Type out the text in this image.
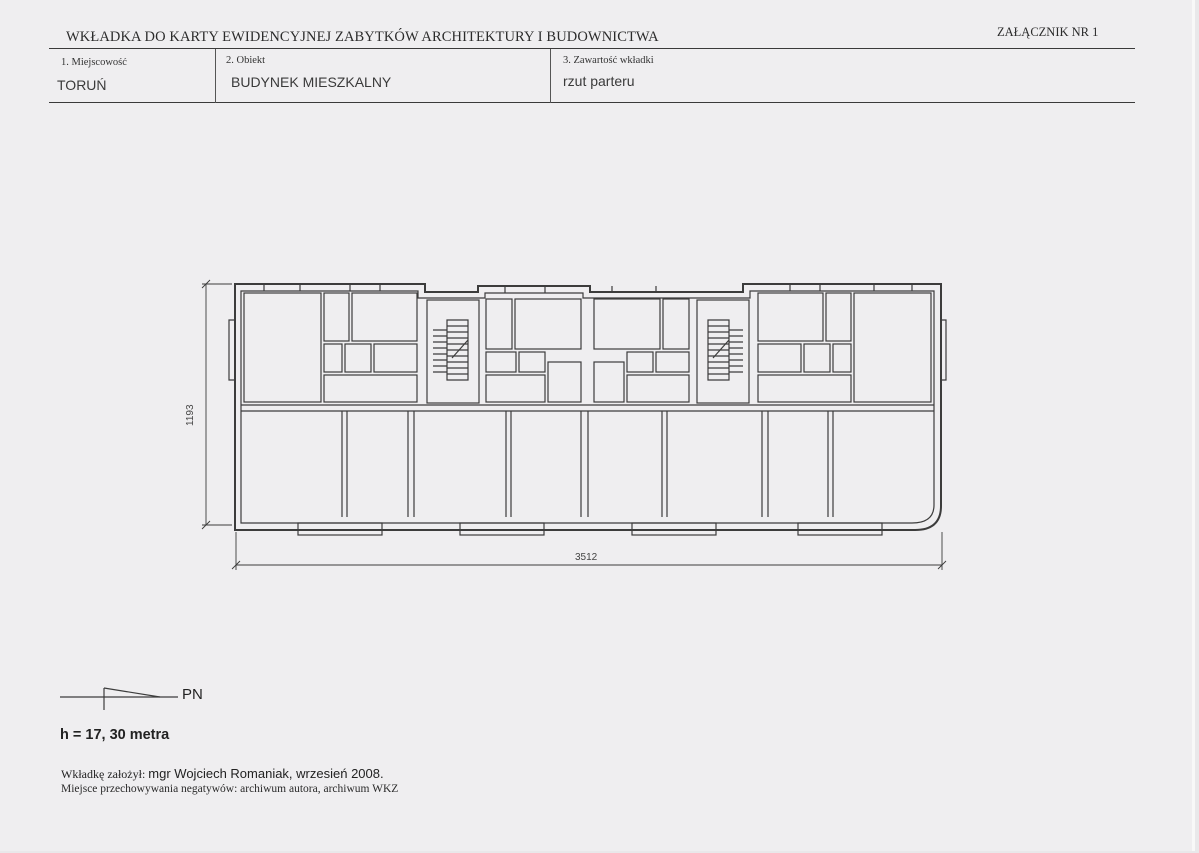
WKŁADKA DO KARTY EWIDENCYJNEJ ZABYTKÓW ARCHITEKTURY I BUDOWNICTWA	ZAŁĄCZNIK NR 1
1. Miejscowość
TORUŃ
2. Obiekt
BUDYNEK MIESZKALNY
3. Zawartość wkładki
rzut parteru
1193
3512
PN
h = 17, 30 metra
Wkładkę założył: mgr Wojciech Romaniak, wrzesień 2008.
Miejsce przechowywania negatywów: archiwum autora, archiwum WKZ
